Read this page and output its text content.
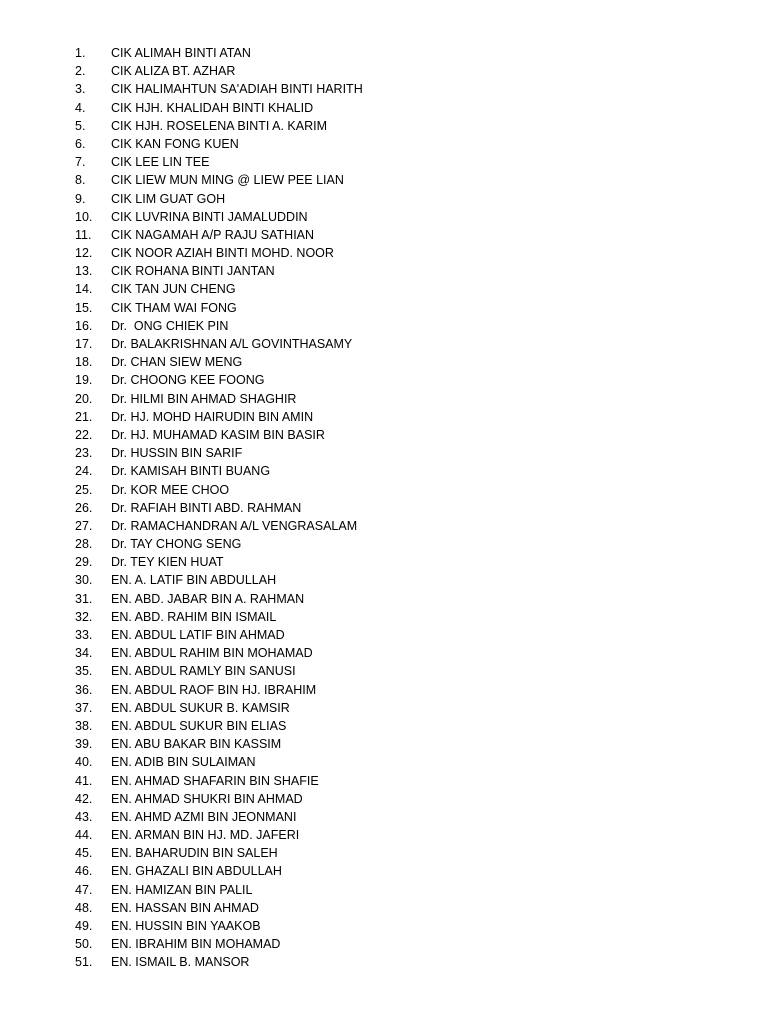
1. CIK ALIMAH BINTI ATAN
2. CIK ALIZA BT. AZHAR
3. CIK HALIMAHTUN SA'ADIAH BINTI HARITH
4. CIK HJH. KHALIDAH BINTI KHALID
5. CIK HJH. ROSELENA BINTI A. KARIM
6. CIK KAN FONG KUEN
7. CIK LEE LIN TEE
8. CIK LIEW MUN MING @ LIEW PEE LIAN
9. CIK LIM GUAT GOH
10. CIK LUVRINA BINTI JAMALUDDIN
11. CIK NAGAMAH A/P RAJU SATHIAN
12. CIK NOOR AZIAH BINTI MOHD. NOOR
13. CIK ROHANA BINTI JANTAN
14. CIK TAN JUN CHENG
15. CIK THAM WAI FONG
16. Dr.  ONG CHIEK PIN
17. Dr. BALAKRISHNAN A/L GOVINTHASAMY
18. Dr. CHAN SIEW MENG
19. Dr. CHOONG KEE FOONG
20. Dr. HILMI BIN AHMAD SHAGHIR
21. Dr. HJ. MOHD HAIRUDIN BIN AMIN
22. Dr. HJ. MUHAMAD KASIM BIN BASIR
23. Dr. HUSSIN BIN SARIF
24. Dr. KAMISAH BINTI BUANG
25. Dr. KOR MEE CHOO
26. Dr. RAFIAH BINTI ABD. RAHMAN
27. Dr. RAMACHANDRAN A/L VENGRASALAM
28. Dr. TAY CHONG SENG
29. Dr. TEY KIEN HUAT
30. EN. A. LATIF BIN ABDULLAH
31. EN. ABD. JABAR BIN A. RAHMAN
32. EN. ABD. RAHIM BIN ISMAIL
33. EN. ABDUL LATIF BIN AHMAD
34. EN. ABDUL RAHIM BIN MOHAMAD
35. EN. ABDUL RAMLY BIN SANUSI
36. EN. ABDUL RAOF BIN HJ. IBRAHIM
37. EN. ABDUL SUKUR B. KAMSIR
38. EN. ABDUL SUKUR BIN ELIAS
39. EN. ABU BAKAR BIN KASSIM
40. EN. ADIB BIN SULAIMAN
41. EN. AHMAD SHAFARIN BIN SHAFIE
42. EN. AHMAD SHUKRI BIN AHMAD
43. EN. AHMD AZMI BIN JEONMANI
44. EN. ARMAN BIN HJ. MD. JAFERI
45. EN. BAHARUDIN BIN SALEH
46. EN. GHAZALI BIN ABDULLAH
47. EN. HAMIZAN BIN PALIL
48. EN. HASSAN BIN AHMAD
49. EN. HUSSIN BIN YAAKOB
50. EN. IBRAHIM BIN MOHAMAD
51. EN. ISMAIL B. MANSOR
